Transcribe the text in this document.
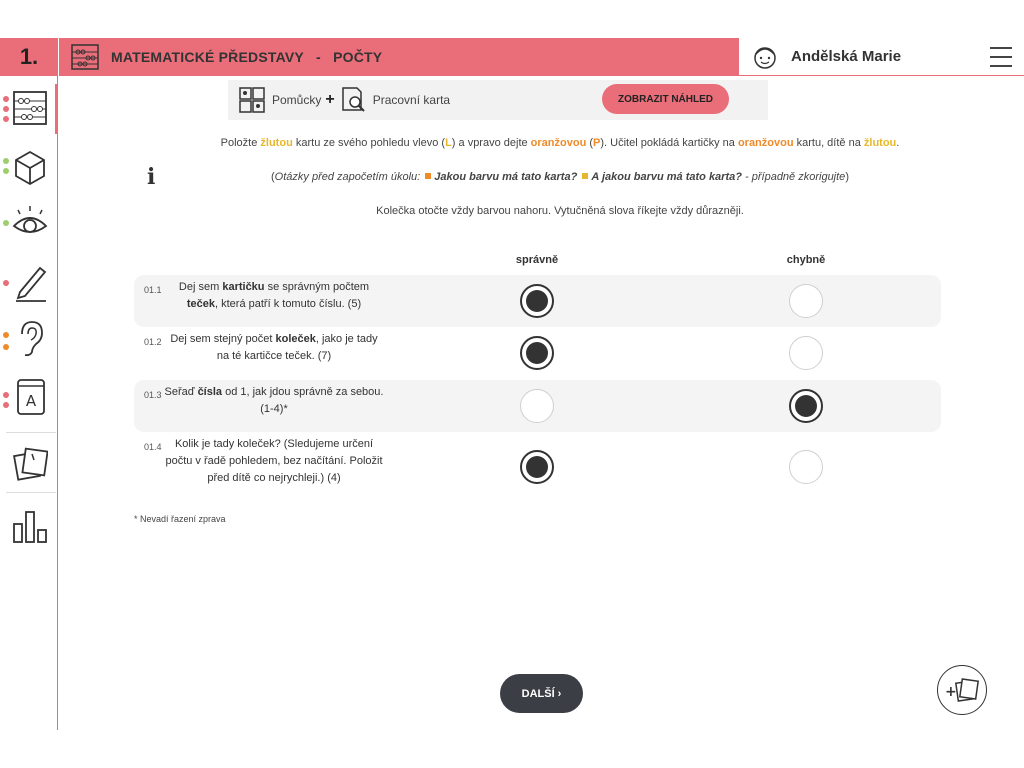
1.	MATEMATICKÉ PŘEDSTAVY   -   POČTY	Andělská Marie
A
Pomůcky +	Pracovní karta	ZOBRAZIT NÁHLED
i
Položte žlutou kartu ze svého pohledu vlevo (L) a vpravo dejte oranžovou (P). Učitel pokládá kartičky na oranžovou kartu, dítě na žlutou.
(Otázky před započetím úkolu: Jakou barvu má tato karta? A jakou barvu má tato karta? - případně zkorigujte)
Kolečka otočte vždy barvou nahoru. Vytučněná slova říkejte vždy důrazněji.
správně	chybně
01.1	Dej sem kartičku se správným počtem teček, která patří k tomuto číslu. (5)
01.2 Dej sem stejný počet koleček, jako je tady na té kartičce teček. (7)
01.3 Seřaď čísla od 1, jak jdou správně za sebou. (1-4)*
01.4	Kolik je tady koleček? (Sledujeme určení počtu v řadě pohledem, bez načítání. Položit před dítě co nejrychleji.) (4)
* Nevadí řazení zprava
DALŠÍ ›	+
